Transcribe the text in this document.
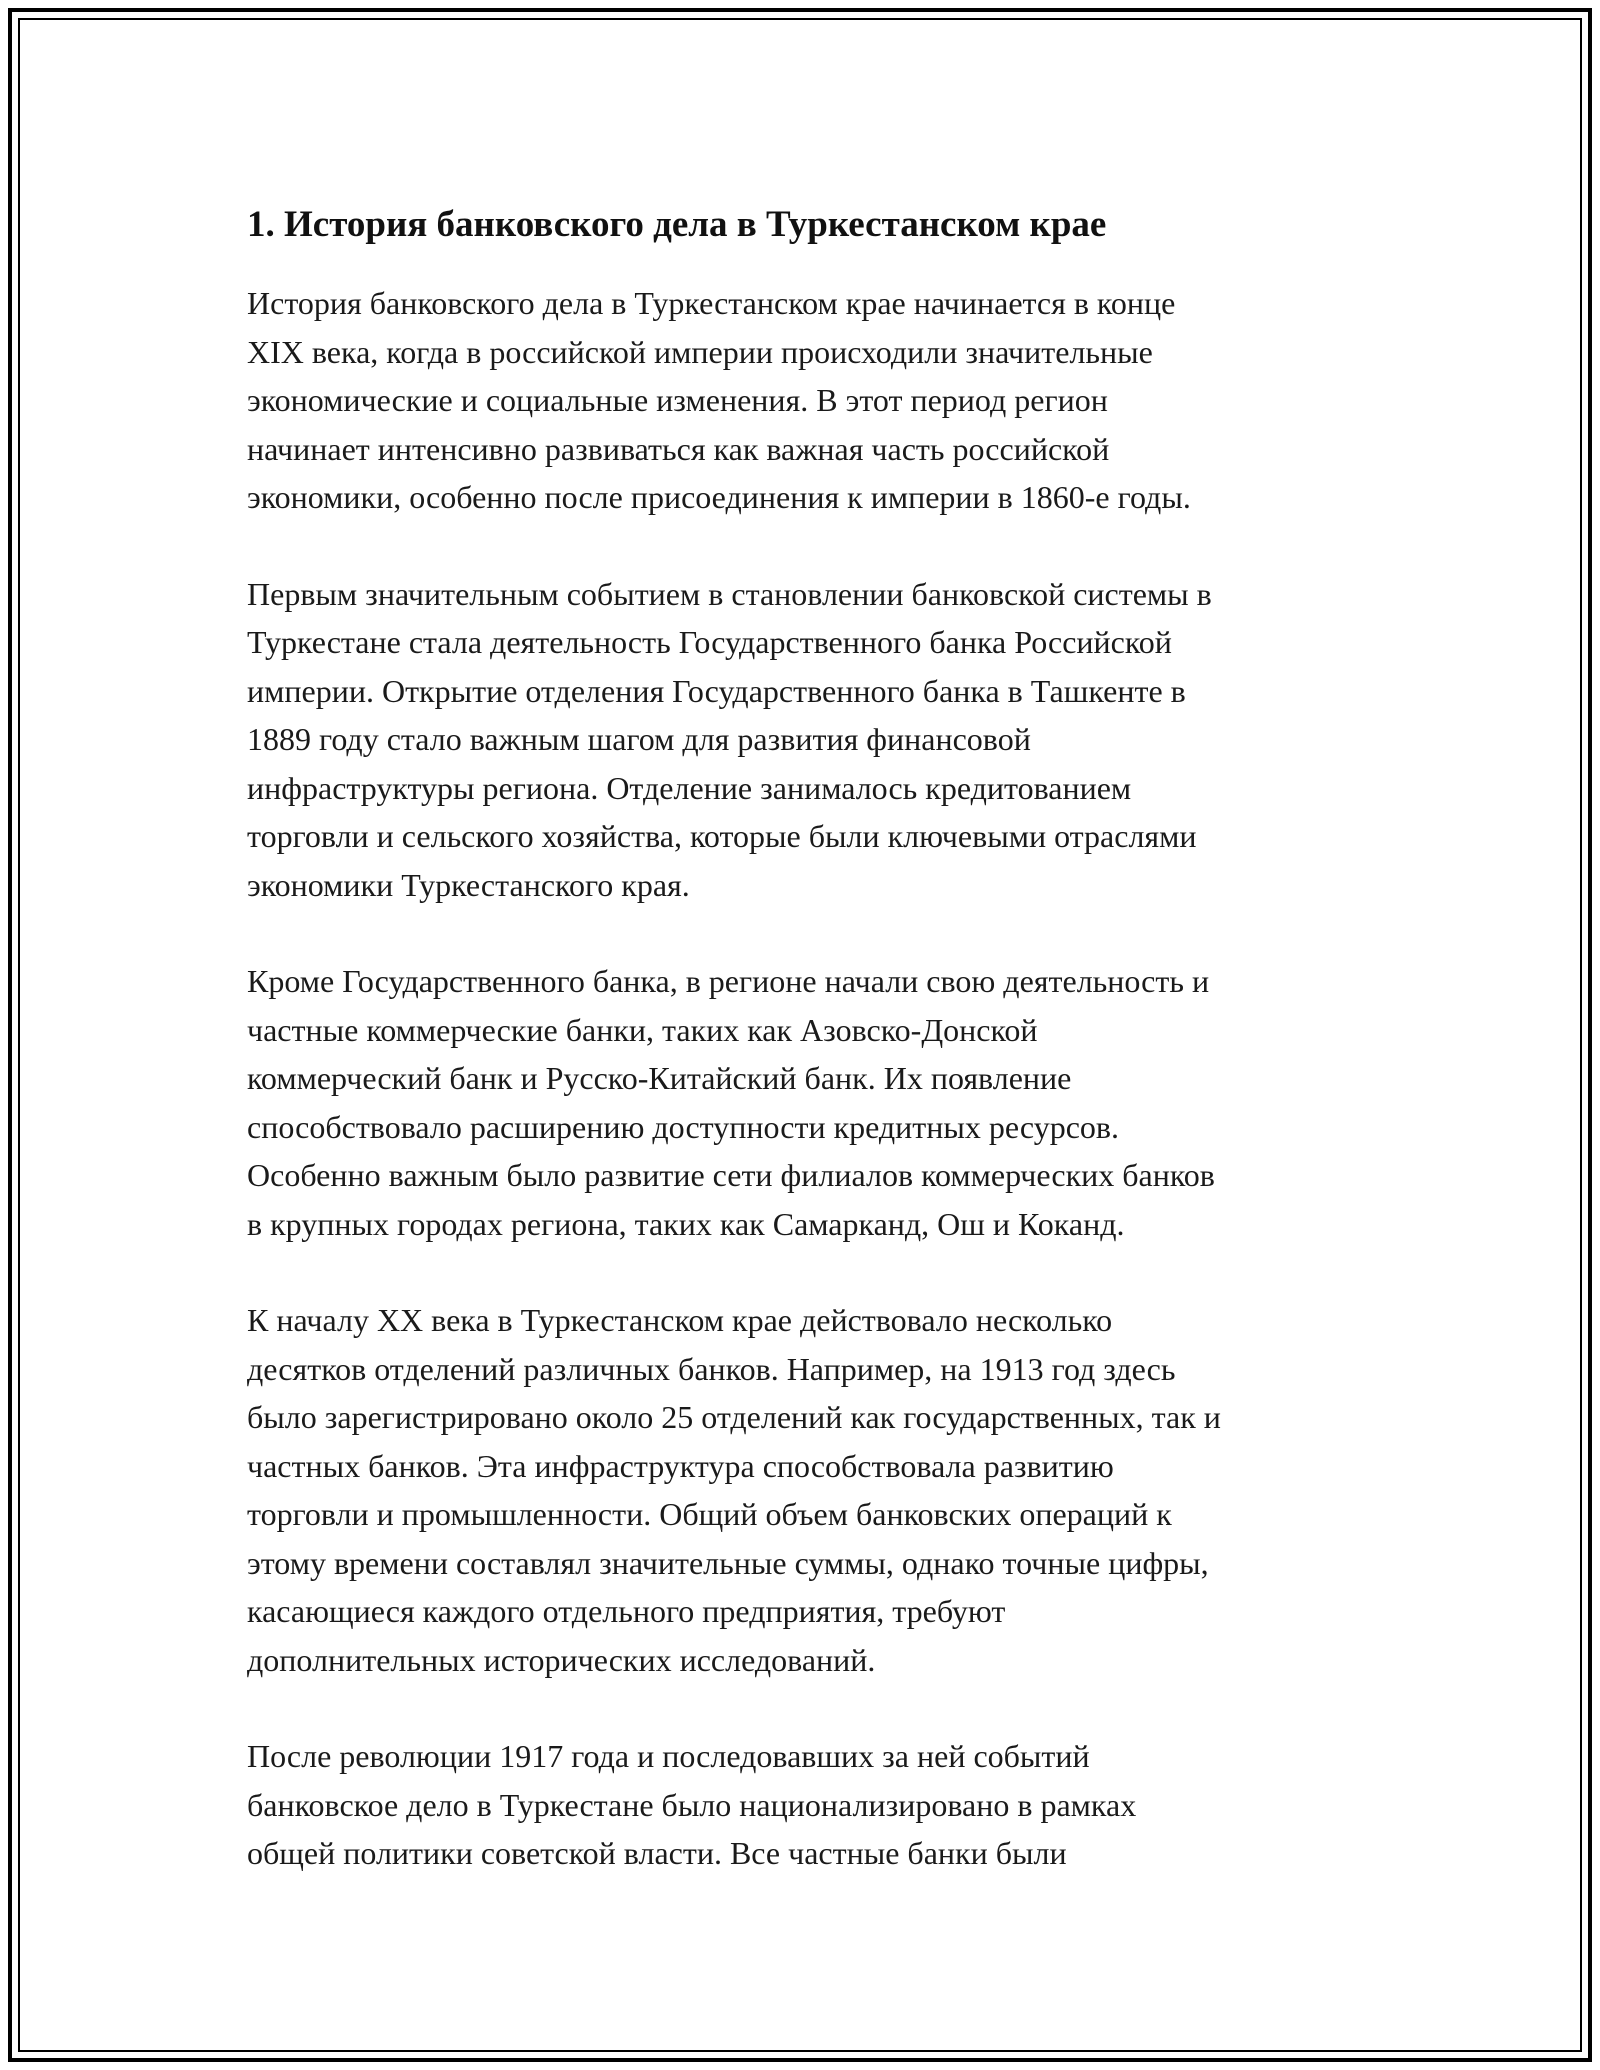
1. История банковского дела в Туркестанском крае

История банковского дела в Туркестанском крае начинается в конце
XIX века, когда в российской империи происходили значительные
экономические и социальные изменения. В этот период регион
начинает интенсивно развиваться как важная часть российской
экономики, особенно после присоединения к империи в 1860-е годы.

Первым значительным событием в становлении банковской системы в
Туркестане стала деятельность Государственного банка Российской
империи. Открытие отделения Государственного банка в Ташкенте в
1889 году стало важным шагом для развития финансовой
инфраструктуры региона. Отделение занималось кредитованием
торговли и сельского хозяйства, которые были ключевыми отраслями
экономики Туркестанского края.

Кроме Государственного банка, в регионе начали свою деятельность и
частные коммерческие банки, таких как Азовско-Донской
коммерческий банк и Русско-Китайский банк. Их появление
способствовало расширению доступности кредитных ресурсов.
Особенно важным было развитие сети филиалов коммерческих банков
в крупных городах региона, таких как Самарканд, Ош и Коканд.

К началу XX века в Туркестанском крае действовало несколько
десятков отделений различных банков. Например, на 1913 год здесь
было зарегистрировано около 25 отделений как государственных, так и
частных банков. Эта инфраструктура способствовала развитию
торговли и промышленности. Общий объем банковских операций к
этому времени составлял значительные суммы, однако точные цифры,
касающиеся каждого отдельного предприятия, требуют
дополнительных исторических исследований.

После революции 1917 года и последовавших за ней событий
банковское дело в Туркестане было национализировано в рамках
общей политики советской власти. Все частные банки были
